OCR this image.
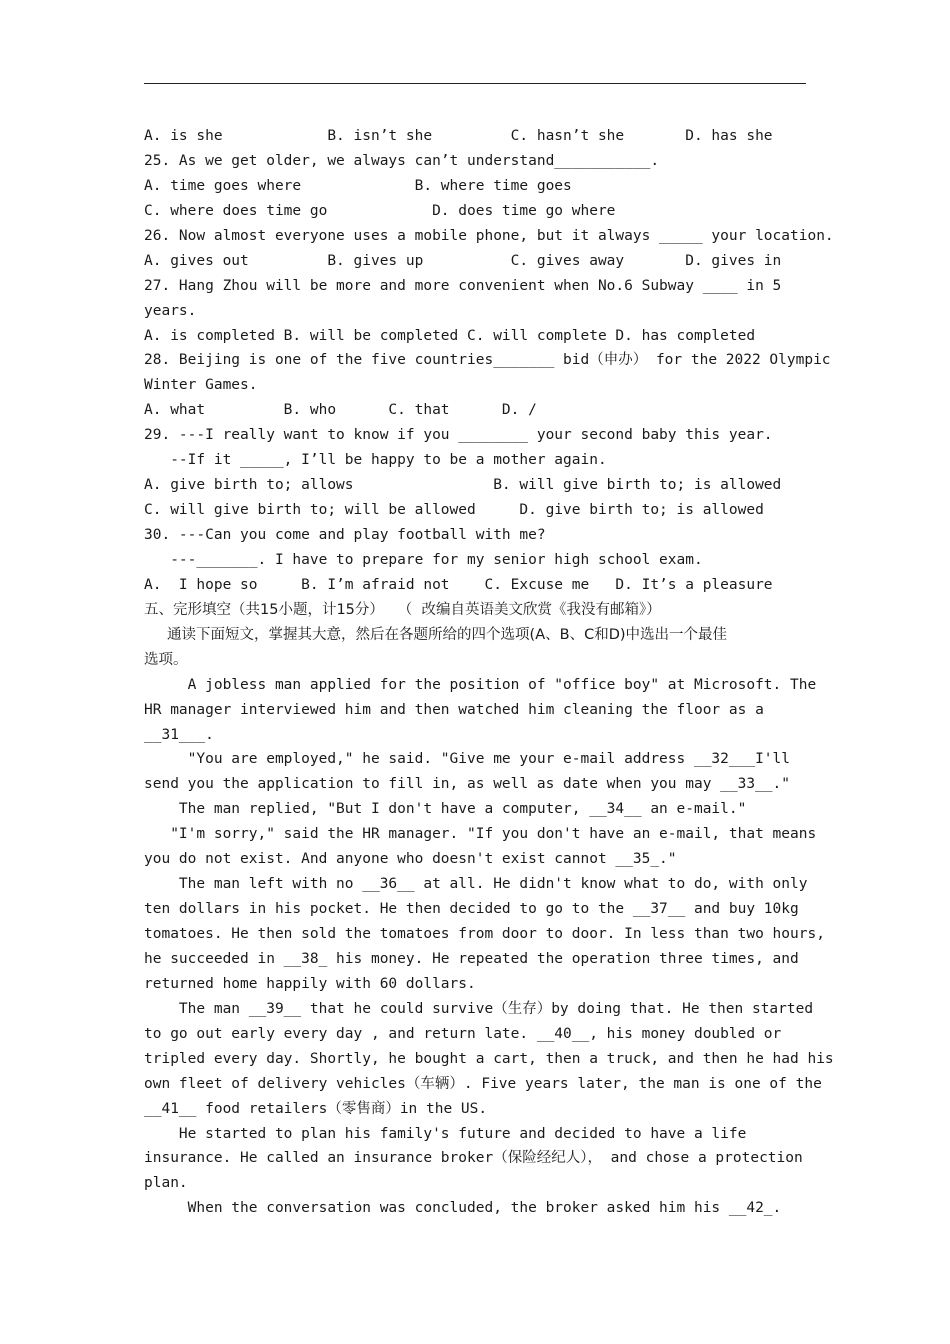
A. is she            B. isn’t she         C. hasn’t she       D. has she
25. As we get older, we always can’t understand___________.
A. time goes where             B. where time goes
C. where does time go            D. does time go where
26. Now almost everyone uses a mobile phone, but it always _____ your location.
A. gives out         B. gives up          C. gives away       D. gives in
27. Hang Zhou will be more and more convenient when No.6 Subway ____ in 5
years.
A. is completed B. will be completed C. will complete D. has completed
28. Beijing is one of the five countries_______ bid（申办） for the 2022 Olympic
Winter Games.
A. what         B. who      C. that      D. /
29. ---I really want to know if you ________ your second baby this year.
--If it _____, I’ll be happy to be a mother again.
A. give birth to; allows                B. will give birth to; is allowed
C. will give birth to; will be allowed     D. give birth to; is allowed
30. ---Can you come and play football with me?
---_______. I have to prepare for my senior high school exam.
A.  I hope so     B. I’m afraid not    C. Excuse me   D. It’s a pleasure
五、完形填空（共15小题，计15分）   （  改编自英语美文欣赏《我没有邮箱》）
通读下面短文，掌握其大意，然后在各题所给的四个选项(A、B、C和D)中选出一个最佳
选项。
A jobless man applied for the position of "office boy" at Microsoft. The
HR manager interviewed him and then watched him cleaning the floor as a
__31___.
"You are employed," he said. "Give me your e-mail address __32___I'll
send you the application to fill in, as well as date when you may __33__."
The man replied, "But I don't have a computer, __34__ an e-mail."
"I'm sorry," said the HR manager. "If you don't have an e-mail, that means
you do not exist. And anyone who doesn't exist cannot __35_."
The man left with no __36__ at all. He didn't know what to do, with only
ten dollars in his pocket. He then decided to go to the __37__ and buy 10kg
tomatoes. He then sold the tomatoes from door to door. In less than two hours,
he succeeded in __38_ his money. He repeated the operation three times, and
returned home happily with 60 dollars.
The man __39__ that he could survive（生存）by doing that. He then started
to go out early every day , and return late. __40__, his money doubled or
tripled every day. Shortly, he bought a cart, then a truck, and then he had his
own fleet of delivery vehicles（车辆）. Five years later, the man is one of the
__41__ food retailers（零售商）in the US.
He started to plan his family's future and decided to have a life
insurance. He called an insurance broker（保险经纪人）， and chose a protection
plan.
When the conversation was concluded, the broker asked him his __42_.
